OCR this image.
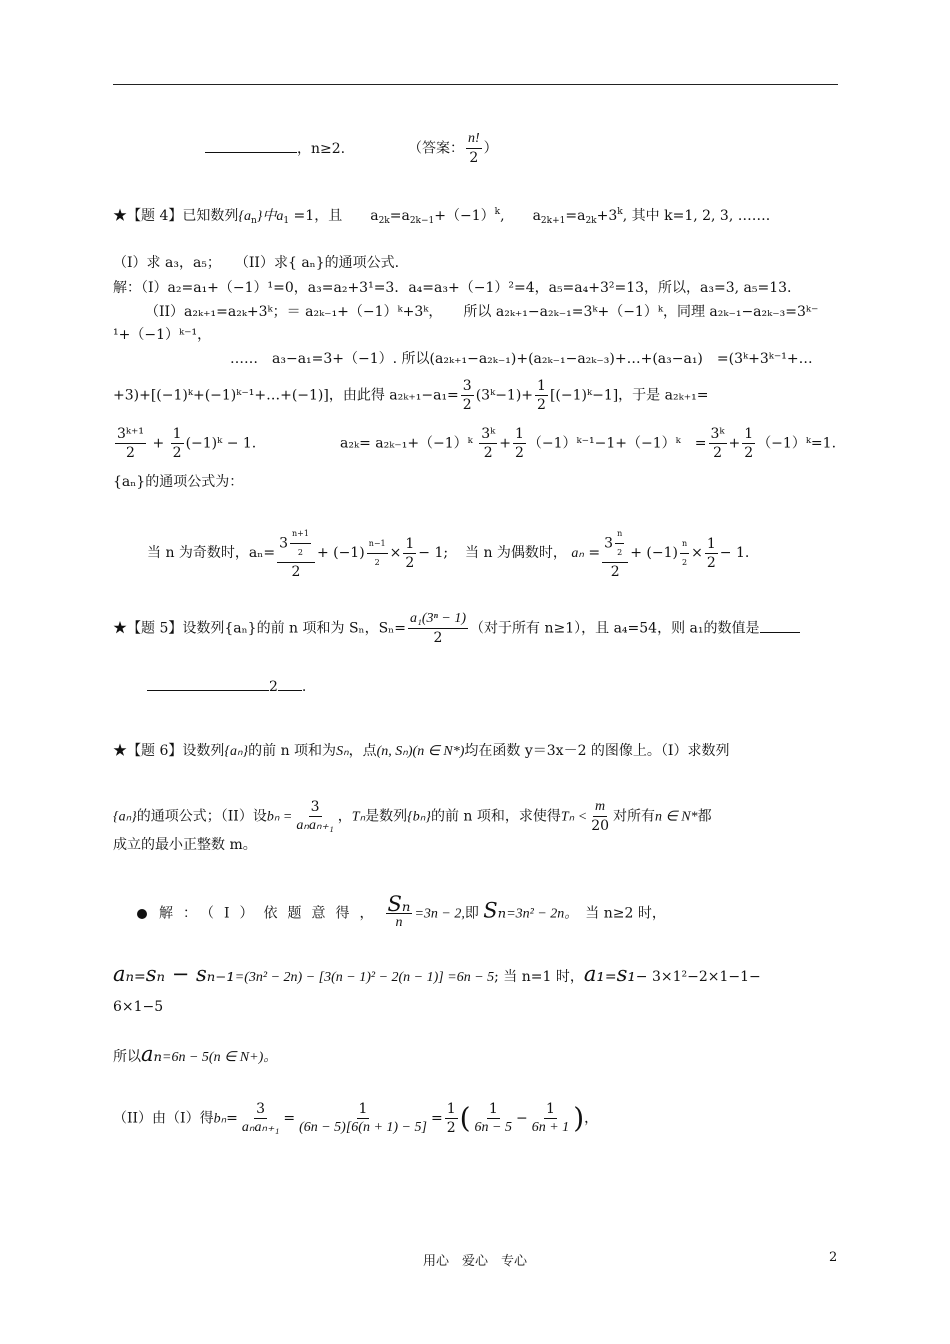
，n≥2.	（答案： $\frac{n!}{2}$ ）
★【题 4】已知数列$\{a_n\}$中$a_1 =1$，且　　$a_{2k}=a_{2k-1}+(-1)^k$,　　$a_{2k+1}=a_{2k}+3^k$, 其中 k=1, 2, 3, …….
（I）求 a₃，a₅；　　（II）求{ aₙ}的通项公式.
解：（I）a₂=a₁+（−1）¹=0，a₃=a₂+3¹=3．a₄=a₃+（−1）²=4，a₅=a₄+3²=13，所以，a₃=3, a₅=13.
（II）a₂ₖ₊₁=a₂ₖ+3ᵏ；＝ a₂ₖ₋₁+（−1）ᵏ+3ᵏ，　　所以 a₂ₖ₊₁−a₂ₖ₋₁=3ᵏ+（−1）ᵏ，同理 a₂ₖ₋₁−a₂ₖ₋₃=3ᵏ⁻
¹+（−1）ᵏ⁻¹，
……　a₃−a₁=3+（−1）. 所以(a₂ₖ₊₁−a₂ₖ₋₁)+(a₂ₖ₋₁−a₂ₖ₋₃)+…+(a₃−a₁)　=(3ᵏ+3ᵏ⁻¹+…
+3)+[(−1)ᵏ+(−1)ᵏ⁻¹+…+(−1)]，由此得 $a_{2k+1}-a_1= \frac{3}{2}$ (3ᵏ−1)+ $\frac{1}{2}$ [(−1)ᵏ−1]，于是 a₂ₖ₊₁=
$\frac{\text{3ᵏ⁺¹}}{2} + \frac{1}{2}$ (−1)ᵏ − 1.	a₂ₖ= a₂ₖ₋₁+（−1）ᵏ $\frac{\text{3ᵏ}}{2} + \frac{1}{2}$ （−1）ᵏ⁻¹−1+（−1）ᵏ　= $\frac{\text{3ᵏ}}{2} + \frac{1}{2}$ （−1）ᵏ=1.
{aₙ}的通项公式为：
当 n 为奇数时，$a_n= \frac{3 \frac{n+1}{2}}{2} + (-1) \frac{n-1}{2} \times \frac{1}{2} - 1$; 当 n 为偶数时， $a_n = \frac{3 \frac{n}{2}}{2} + (-1) \frac{n}{2} \times \frac{1}{2} - 1$.
★【题 5】设数列{aₙ}的前 n 项和为 Sₙ，$S_n= \frac{\text{a₁(3ⁿ − 1)}}{2}$ （对于所有 n≥1），且 a₄=54，则 a₁的数值是
2 .
★【题 6】设数列{aₙ}的前 n 项和为Sₙ，点(n, Sₙ)(n ∈ N*)均在函数 y＝3x－2 的图像上。（I）求数列
{aₙ}的通项公式；（II）设bₙ =
3
aₙaₙ₊₁
，Tₙ是数列{bₙ}的前 n 项和，求使得$T_n < \frac{m}{20}$ 对所有n ∈ N*都
成立的最小正整数 m。
解：（I）依题意得， Sₙ
n
=3n − 2,即 Sₙ=3n² − 2n。　 当 n≥2 时，
aₙ=sₙ − sₙ₋₁=(3n² − 2n) − [3(n − 1)² − 2(n − 1)] =6n − 5; 当 n=1 时，a₁=s₁− 3×1²−2×1−1−
6×1−5
所以aₙ=6n − 5(n ∈ N+)。
（II）由（I）得bₙ=
3
aₙaₙ₊₁
= $\frac{1}{(6n - 5)[6(n + 1) - 5]} = \frac{1}{2}$ ( $\frac{1}{6n - 5} - \frac{1}{6n + 1}$ )，
用心　爱心　专心	2
